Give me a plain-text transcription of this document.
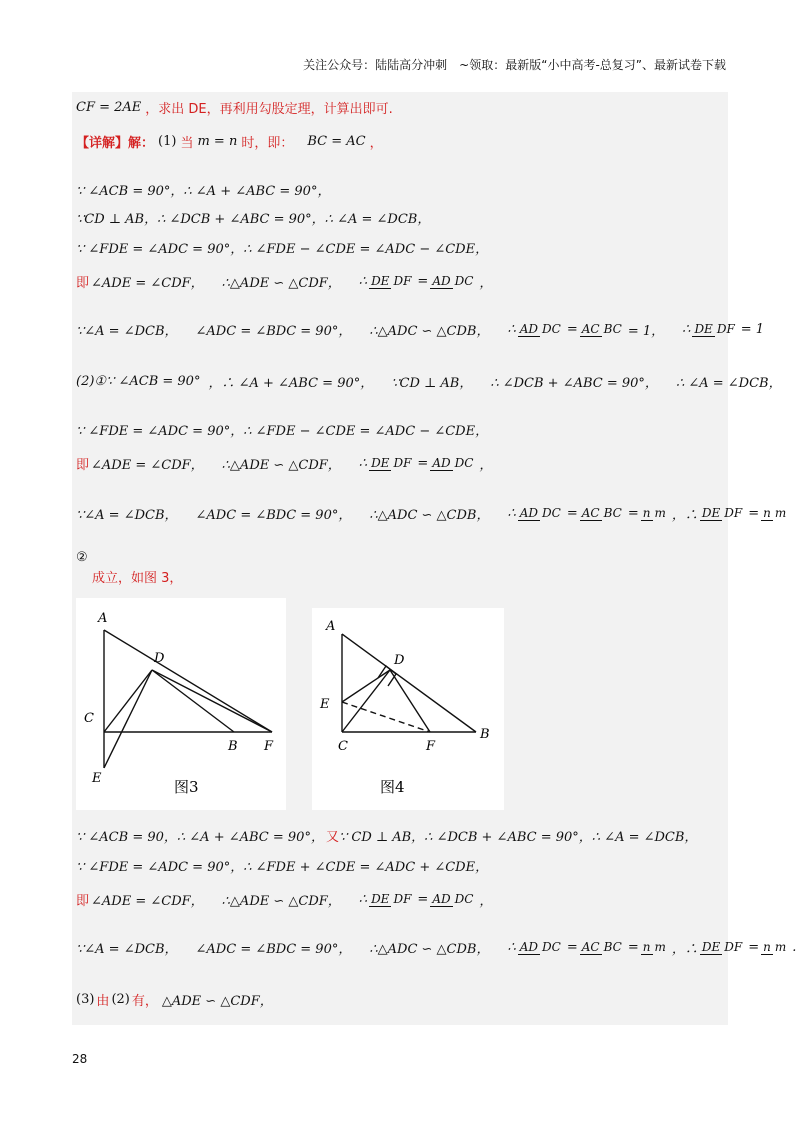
关注公众号：陆陆高分冲刺　~领取：最新版“小中高考-总复习”、最新试卷下载
CF = 2AE ，求出 DE，再利用勾股定理，计算出即可.
【详解】解： (1) 当 m = n 时，即： BC = AC ，
∵ ∠ACB = 90°，∴ ∠A + ∠ABC = 90°，
∵CD ⊥ AB，∴ ∠DCB + ∠ABC = 90°，∴ ∠A = ∠DCB，
∵ ∠FDE = ∠ADC = 90°，∴ ∠FDE − ∠CDE = ∠ADC − ∠CDE，
即 ∠ADE = ∠CDF， ∴△ADE ∽ △CDF， ∴ DE DF = AD DC ，
∵∠A = ∠DCB， ∠ADC = ∠BDC = 90°， ∴△ADC ∽ △CDB， ∴ AD DC = AC BC = 1， ∴ DE DF = 1
(2)①∵ ∠ACB = 90° ，∴ ∠A + ∠ABC = 90°， ∵CD ⊥ AB， ∴ ∠DCB + ∠ABC = 90°， ∴ ∠A = ∠DCB，
∵ ∠FDE = ∠ADC = 90°，∴ ∠FDE − ∠CDE = ∠ADC − ∠CDE，
即 ∠ADE = ∠CDF， ∴△ADE ∽ △CDF， ∴ DE DF = AD DC ，
∵∠A = ∠DCB， ∠ADC = ∠BDC = 90°， ∴△ADC ∽ △CDB， ∴ AD DC = AC BC = n m ，∴ DE DF = n m
②
成立，如图 3，
A
D
C
B F
E	图3
A
D
E
C	F
B
图4
∵ ∠ACB = 90，∴ ∠A + ∠ABC = 90°， 又 ∵ CD ⊥ AB，∴ ∠DCB + ∠ABC = 90°，∴ ∠A = ∠DCB，
∵ ∠FDE = ∠ADC = 90°，∴ ∠FDE + ∠CDE = ∠ADC + ∠CDE，
即 ∠ADE = ∠CDF， ∴△ADE ∽ △CDF， ∴ DE DF = AD DC ，
∵∠A = ∠DCB， ∠ADC = ∠BDC = 90°， ∴△ADC ∽ △CDB， ∴ AD DC = AC BC = n m ，∴ DE DF = n m .
(3) 由 (2) 有， △ADE ∽ △CDF，
28
